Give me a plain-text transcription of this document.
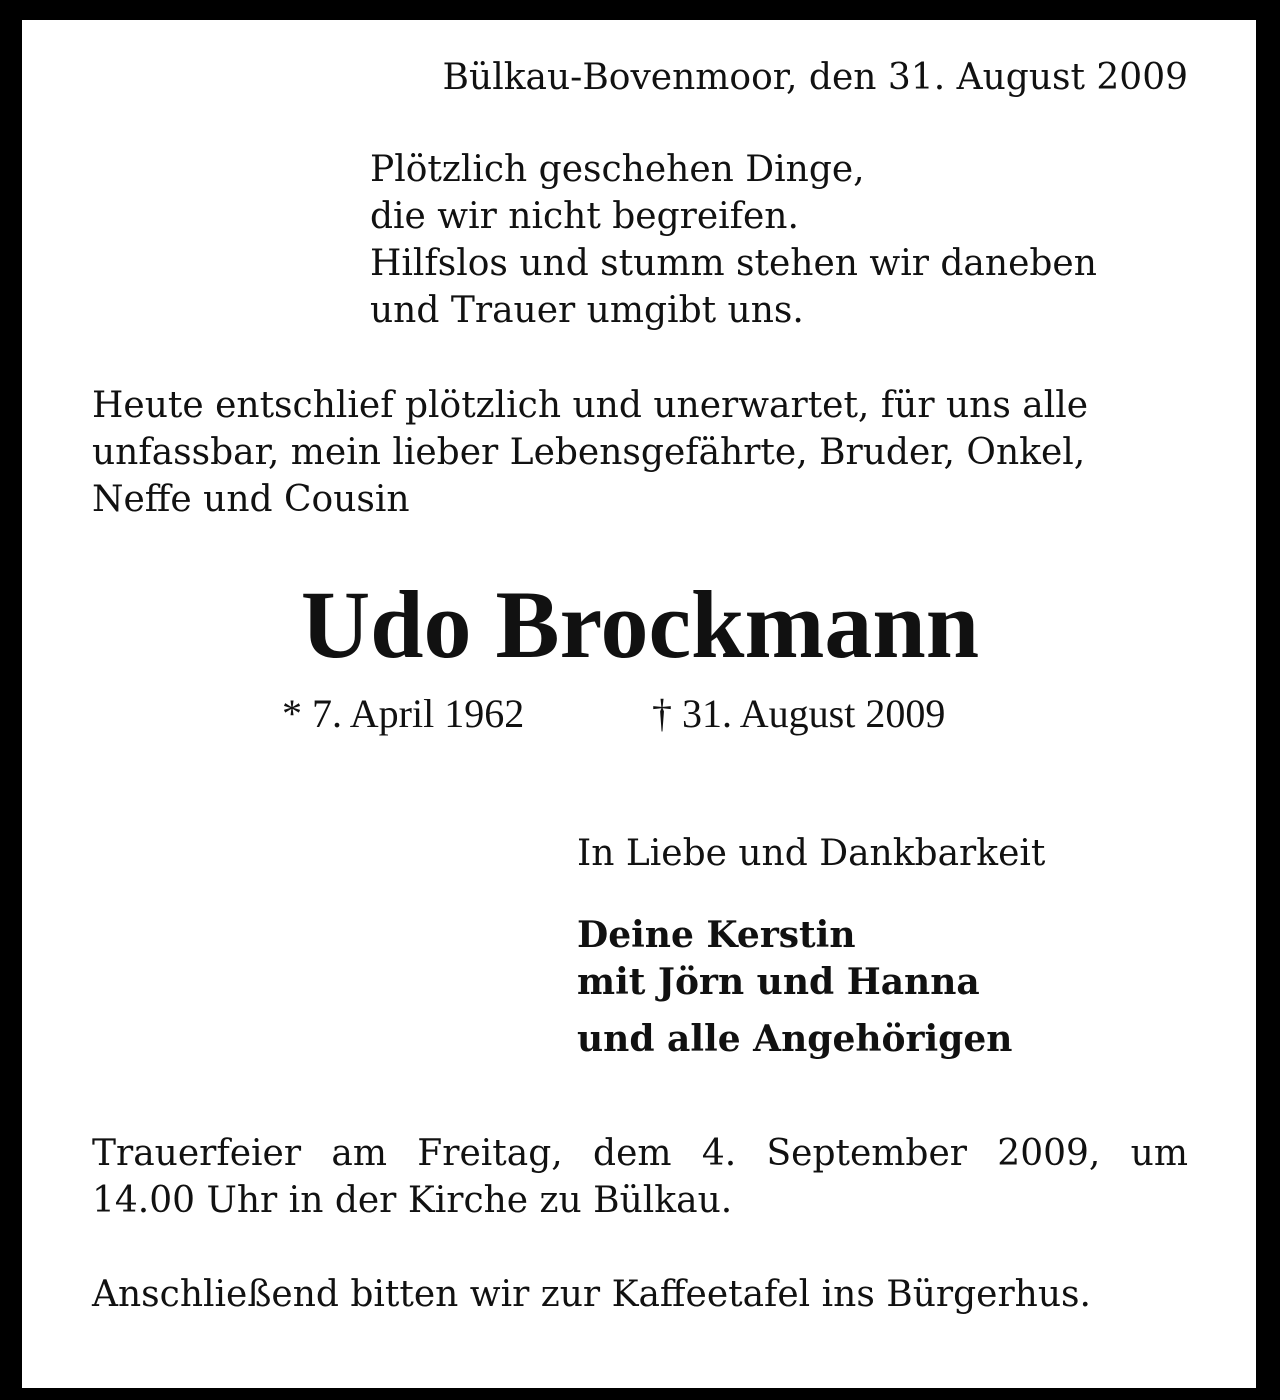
Bülkau-Bovenmoor, den 31. August 2009

Plötzlich geschehen Dinge,
die wir nicht begreifen.
Hilfslos und stumm stehen wir daneben
und Trauer umgibt uns.
Heute entschlief plötzlich und unerwartet, für uns alle
unfassbar, mein lieber Lebensgefährte, Bruder, Onkel,
Neffe und Cousin
Udo Brockmann
* 7. April 1962	† 31. August 2009

In Liebe und Dankbarkeit

Deine Kerstin
mit Jörn und Hanna
und alle Angehörigen
Trauerfeier am Freitag, dem 4. September 2009, um
14.00 Uhr in der Kirche zu Bülkau.

Anschließend bitten wir zur Kaffeetafel ins Bürgerhus.
